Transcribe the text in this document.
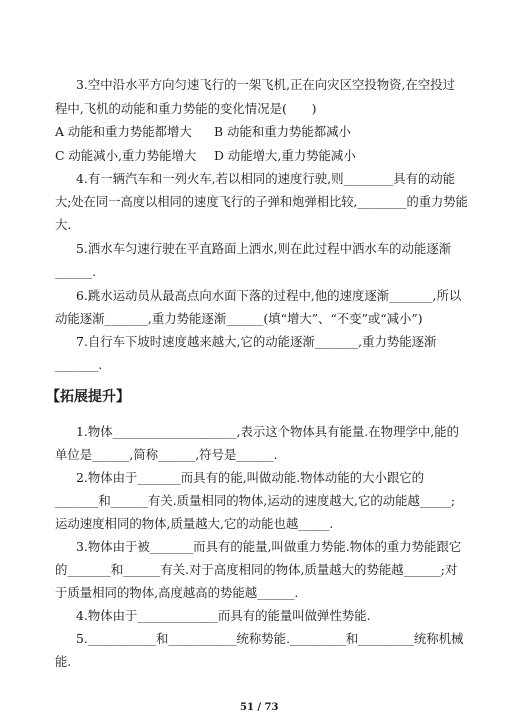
3.空中沿水平方向匀速飞行的一架飞机,正在向灾区空投物资,在空投过
程中,飞机的动能和重力势能的变化情况是(　　)
A 动能和重力势能都增大 B 动能和重力势能都减小
C 动能减小,重力势能增大 D 动能增大,重力势能减小
4.有一辆汽车和一列火车,若以相同的速度行驶,则________具有的动能
大;处在同一高度以相同的速度飞行的子弹和炮弹相比较,________的重力势能
大.
5.洒水车匀速行驶在平直路面上洒水,则在此过程中洒水车的动能逐渐
______.
6.跳水运动员从最高点向水面下落的过程中,他的速度逐渐_______,所以
动能逐渐_______,重力势能逐渐______(填“增大”、“不变”或“减小”)
7.自行车下坡时速度越来越大,它的动能逐渐_______,重力势能逐渐
_______.
【拓展提升】
1.物体____________________,表示这个物体具有能量.在物理学中,能的
单位是______,简称______,符号是______.
2.物体由于_______而具有的能,叫做动能.物体动能的大小跟它的
_______和______有关.质量相同的物体,运动的速度越大,它的动能越_____;
运动速度相同的物体,质量越大,它的动能也越_____.
3.物体由于被_______而具有的能量,叫做重力势能.物体的重力势能跟它
的_______和______有关.对于高度相同的物体,质量越大的势能越______;对
于质量相同的物体,高度越高的势能越______.
4.物体由于_____________而具有的能量叫做弹性势能.
5.___________和___________统称势能._________和_________统称机械
能.
51 / 73
